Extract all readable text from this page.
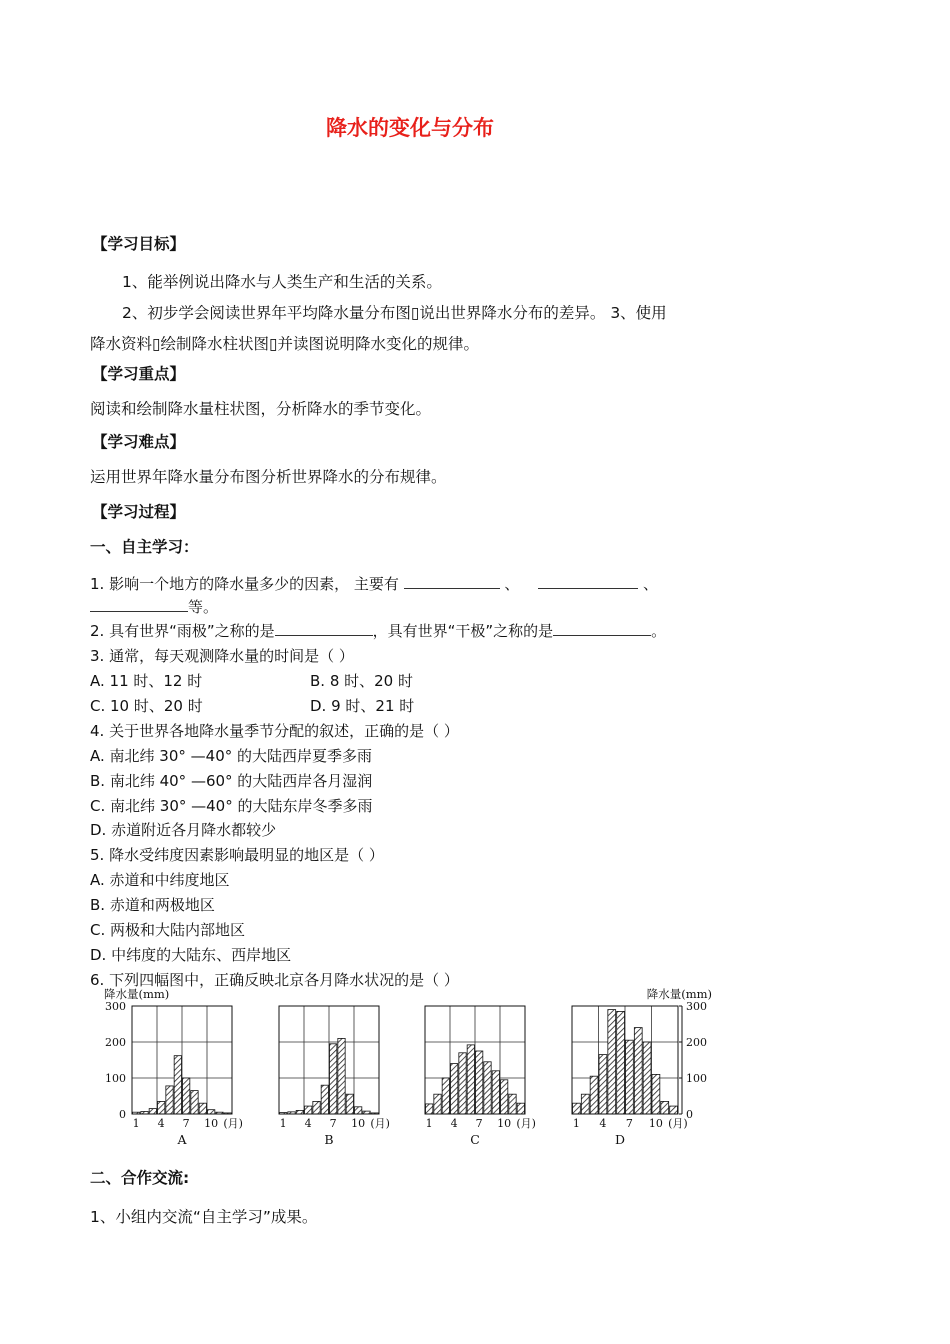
降水的变化与分布
【学习目标】
1、能举例说出降水与人类生产和生活的关系。
2、初步学会阅读世界年平均降水量分布图▯说出世界降水分布的差异。 3、使用
降水资料▯绘制降水柱状图▯并读图说明降水变化的规律。
【学习重点】
阅读和绘制降水量柱状图，分析降水的季节变化。
【学习难点】
运用世界年降水量分布图分析世界降水的分布规律。
【学习过程】
一、自主学习：
1. 影响一个地方的降水量多少的因素， 主要有	、	、
等。
2. 具有世界“雨极”之称的是	，具有世界“干极”之称的是	。
3. 通常，每天观测降水量的时间是（ ）
A. 11 时、12 时	B. 8 时、20 时
C. 10 时、20 时	D. 9 时、21 时
4. 关于世界各地降水量季节分配的叙述，正确的是（ ）
A. 南北纬 30° —40° 的大陆西岸夏季多雨
B. 南北纬 40° —60° 的大陆西岸各月湿润
C. 南北纬 30° —40° 的大陆东岸冬季多雨
D. 赤道附近各月降水都较少
5. 降水受纬度因素影响最明显的地区是（ ）
A. 赤道和中纬度地区
B. 赤道和两极地区
C. 两极和大陆内部地区
D. 中纬度的大陆东、西岸地区
6. 下列四幅图中，正确反映北京各月降水状况的是（ ）
0
100
200
300
降水量(mm)
1 4 7 10 (月)
A
1 4 7 10 (月)
B
1 4 7 10 (月)
C
0
100
200
300
降水量(mm)
1 4 7 10 (月)
D
二、合作交流:
1、小组内交流“自主学习”成果。
